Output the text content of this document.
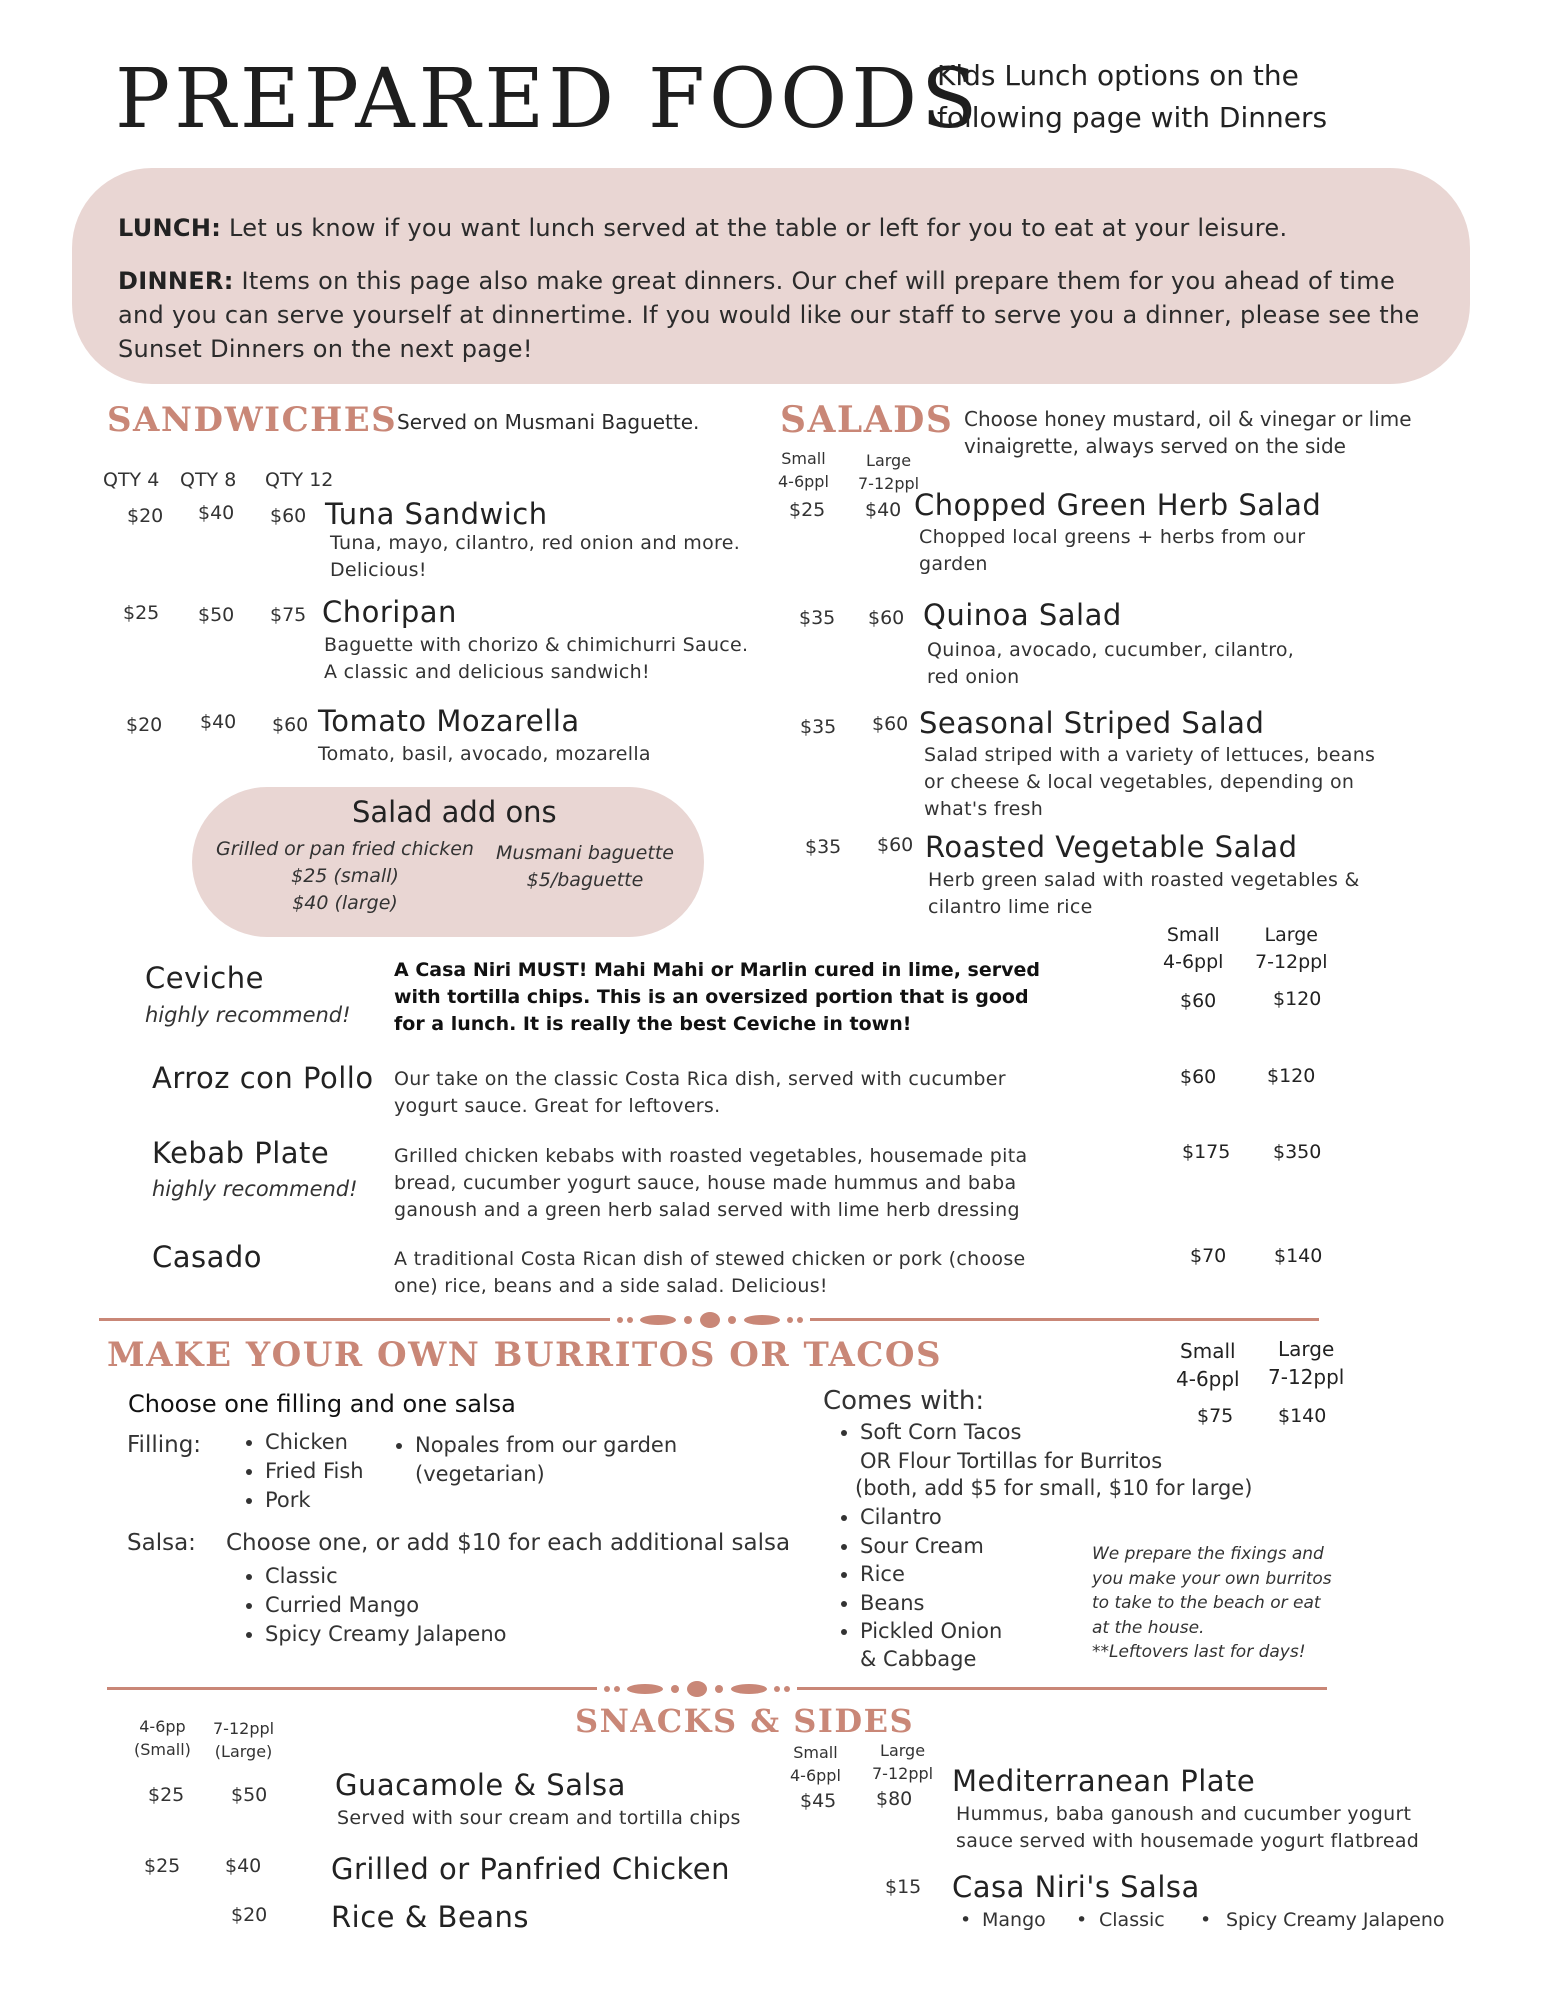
PREPARED FOODS
Kids Lunch options on the
following page with Dinners
LUNCH: Let us know if you want lunch served at the table or left for you to eat at your leisure.
DINNER: Items on this page also make great dinners. Our chef will prepare them for you ahead of time and you can serve yourself at dinnertime. If you would like our staff to serve you a dinner, please see the Sunset Dinners on the next page!
SANDWICHES Served on Musmani Baguette.
QTY 4 QTY 8 QTY 12
$20 $40 $60 Tuna Sandwich
Tuna, mayo, cilantro, red onion and more.
Delicious!
$25 $50 $75 Choripan
Baguette with chorizo & chimichurri Sauce.
A classic and delicious sandwich!
$20 $40 $60 Tomato Mozarella
Tomato, basil, avocado, mozarella
Salad add ons
Grilled or pan fried chicken
$25 (small)
$40 (large)
Musmani baguette
$5/baguette
SALADS Choose honey mustard, oil & vinegar or lime
vinaigrette, always served on the side
Small
4-6ppl
Large
7-12ppl
$25 $40 Chopped Green Herb Salad
Chopped local greens + herbs from our garden
$35 $60 Quinoa Salad
Quinoa, avocado, cucumber, cilantro, red onion
$35 $60 Seasonal Striped Salad
Salad striped with a variety of lettuces, beans or cheese & local vegetables, depending on what's fresh
$35 $60 Roasted Vegetable Salad
Herb green salad with roasted vegetables & cilantro lime rice
Small
4-6ppl
Large
7-12ppl
Ceviche
highly recommend!
A Casa Niri MUST! Mahi Mahi or Marlin cured in lime, served with tortilla chips. This is an oversized portion that is good for a lunch. It is really the best Ceviche in town!
$60	$120
Arroz con Pollo Our take on the classic Costa Rica dish, served with cucumber yogurt sauce. Great for leftovers.
$60	$120
Kebab Plate
highly recommend!
Grilled chicken kebabs with roasted vegetables, housemade pita bread, cucumber yogurt sauce, house made hummus and baba ganoush and a green herb salad served with lime herb dressing
$175 $350
Casado	A traditional Costa Rican dish of stewed chicken or pork (choose one) rice, beans and a side salad. Delicious!
$70	$140
MAKE YOUR OWN BURRITOS OR TACOS	Small
4-6ppl
Large
7-12ppl
$75 $140
Choose one filling and one salsa
Filling:
•	Chicken
• Fried Fish
• Pork
• Nopales from our garden
(vegetarian)
Salsa: Choose one, or add $10 for each additional salsa
• Classic
• Curried Mango
• Spicy Creamy Jalapeno
Comes with:
• Soft Corn Tacos
OR Flour Tortillas for Burritos
(both, add $5 for small, $10 for large)
• Cilantro
• Sour Cream
• Rice
• Beans
• Pickled Onion
& Cabbage
We prepare the fixings and
you make your own burritos
to take to the beach or eat
at the house.
**Leftovers last for days!
SNACKS & SIDES
4-6pp
(Small)
7-12ppl
(Large)
$25 $50 Guacamole & Salsa
Served with sour cream and tortilla chips
$25 $40 Grilled or Panfried Chicken
$20 Rice & Beans
Small
4-6ppl
Large
7-12ppl
$45 $80
Mediterranean Plate
Hummus, baba ganoush and cucumber yogurt
sauce served with housemade yogurt flatbread
$15 Casa Niri's Salsa
• Mango • Classic • Spicy Creamy Jalapeno
